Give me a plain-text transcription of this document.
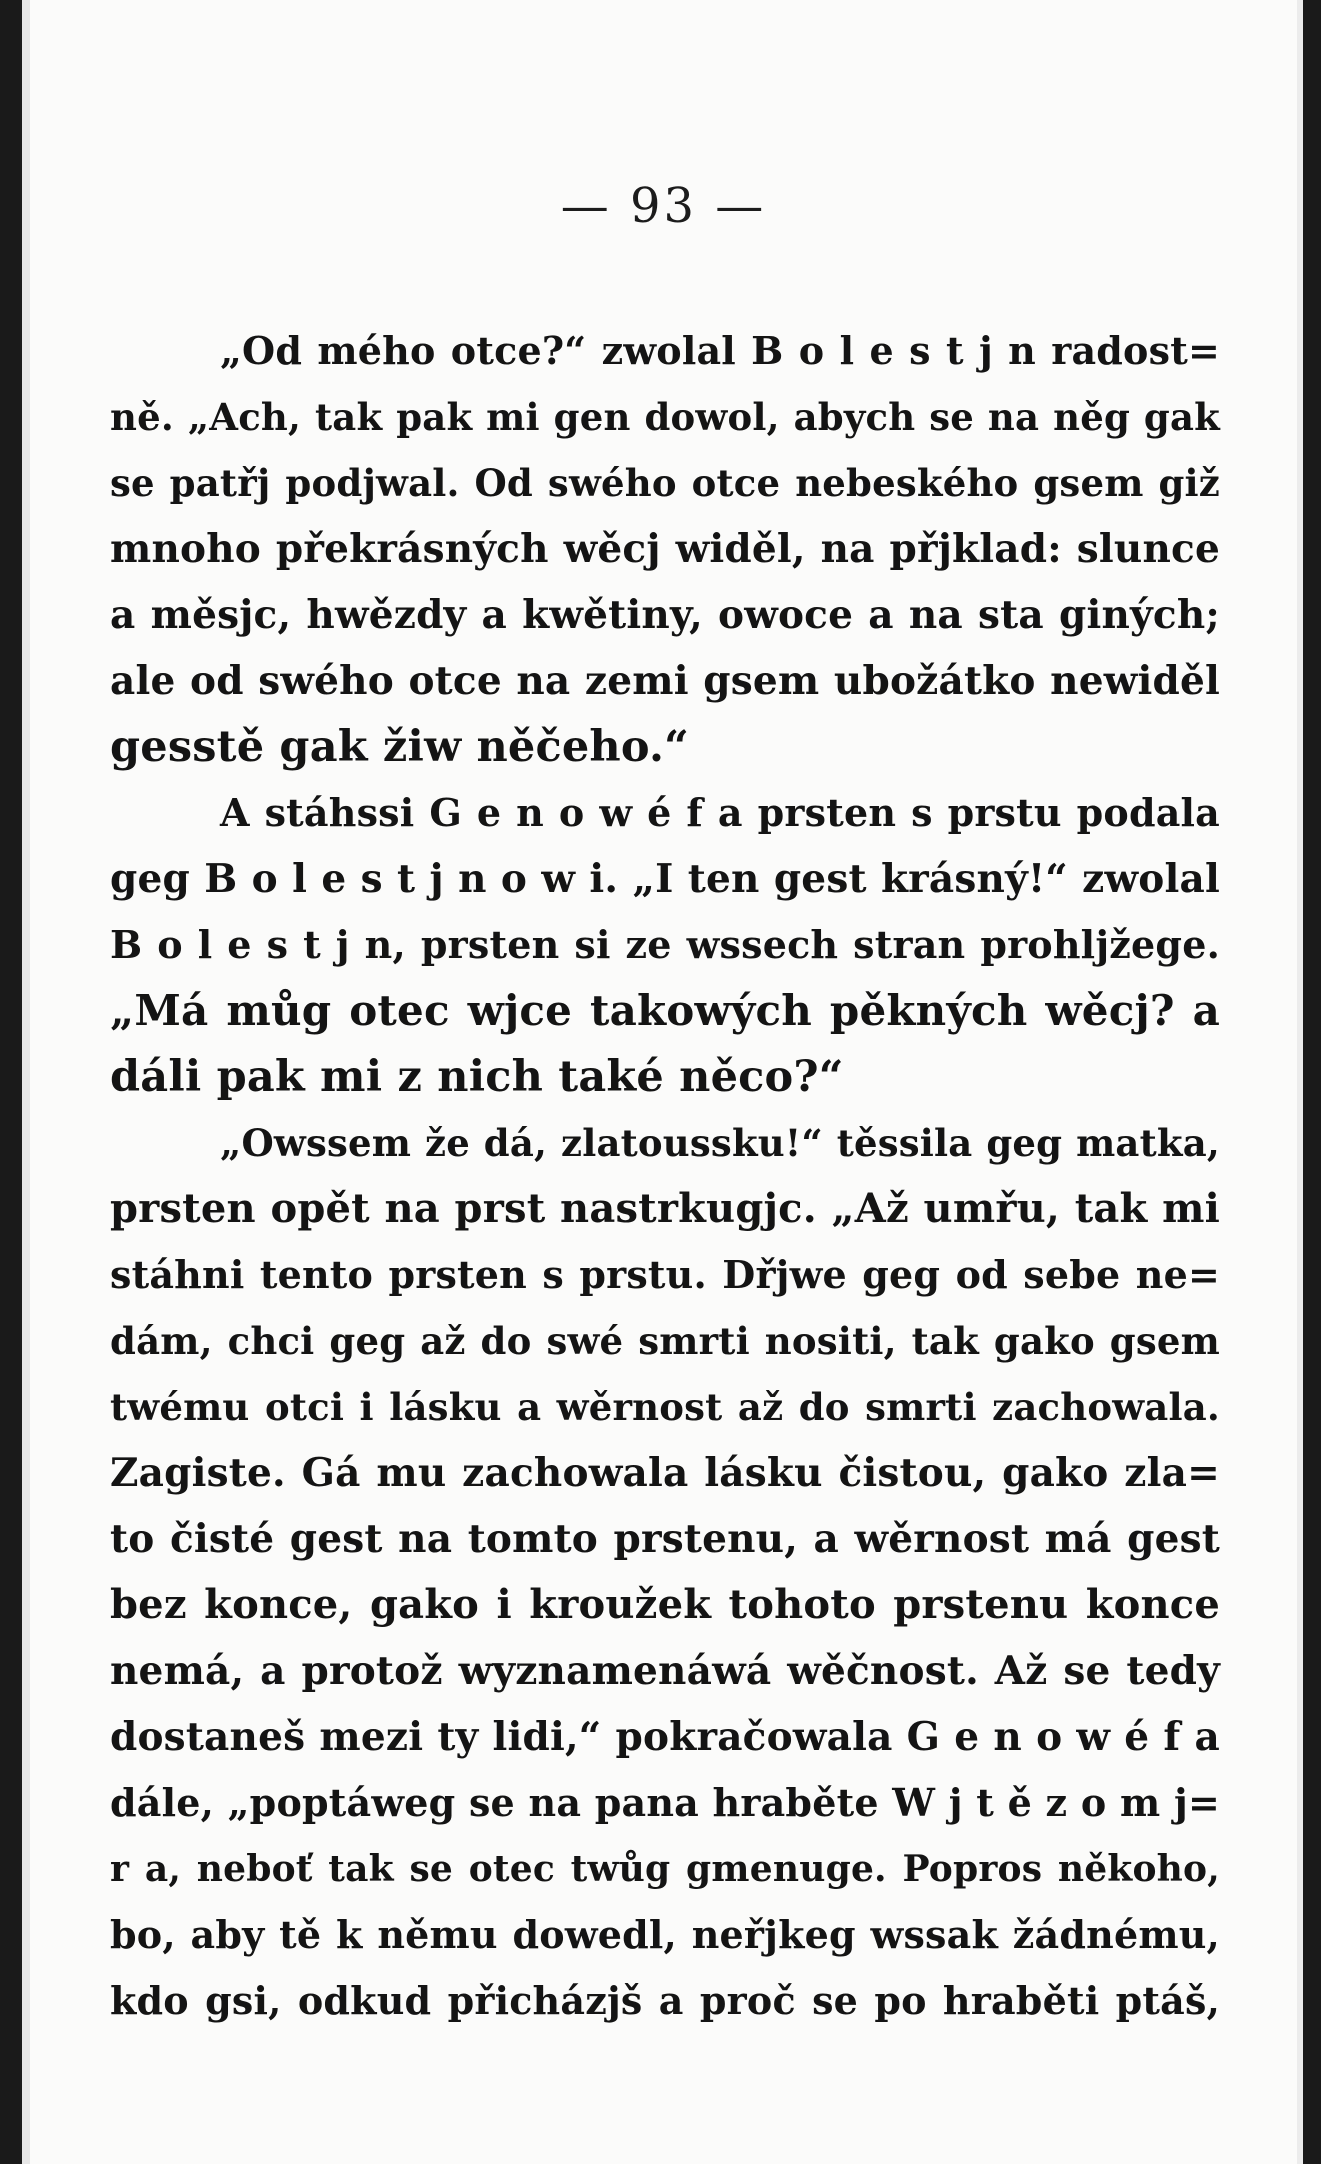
— 93 —
„Od mého otce?“ zwolal B o l e s t j n radost=
ně. „Ach, tak pak mi gen dowol, abych se na něg gak
se patřj podjwal. Od swého otce nebeského gsem giž
mnoho překrásných wěcj widěl, na přjklad: slunce
a měsjc, hwězdy a kwětiny, owoce a na sta giných;
ale od swého otce na zemi gsem ubožátko newiděl
gesstě gak žiw něčeho.“
A stáhssi G e n o w é f a prsten s prstu podala
geg B o l e s t j n o w i. „I ten gest krásný!“ zwolal
B o l e s t j n, prsten si ze wssech stran prohljžege.
„Má můg otec wjce takowých pěkných wěcj? a
dáli pak mi z nich také něco?“
„Owssem že dá, zlatoussku!“ těssila geg matka,
prsten opět na prst nastrkugjc. „Až umřu, tak mi
stáhni tento prsten s prstu. Dřjwe geg od sebe ne=
dám, chci geg až do swé smrti nositi, tak gako gsem
twému otci i lásku a wěrnost až do smrti zachowala.
Zagiste. Gá mu zachowala lásku čistou, gako zla=
to čisté gest na tomto prstenu, a wěrnost má gest
bez konce, gako i kroužek tohoto prstenu konce
nemá, a protož wyznamenáwá wěčnost. Až se tedy
dostaneš mezi ty lidi,“ pokračowala G e n o w é f a
dále, „poptáweg se na pana hraběte W j t ě z o m j=
r a, neboť tak se otec twůg gmenuge. Popros někoho,
bo, aby tě k němu dowedl, neřjkeg wssak žádnému,
kdo gsi, odkud přicházjš a proč se po hraběti ptáš,
